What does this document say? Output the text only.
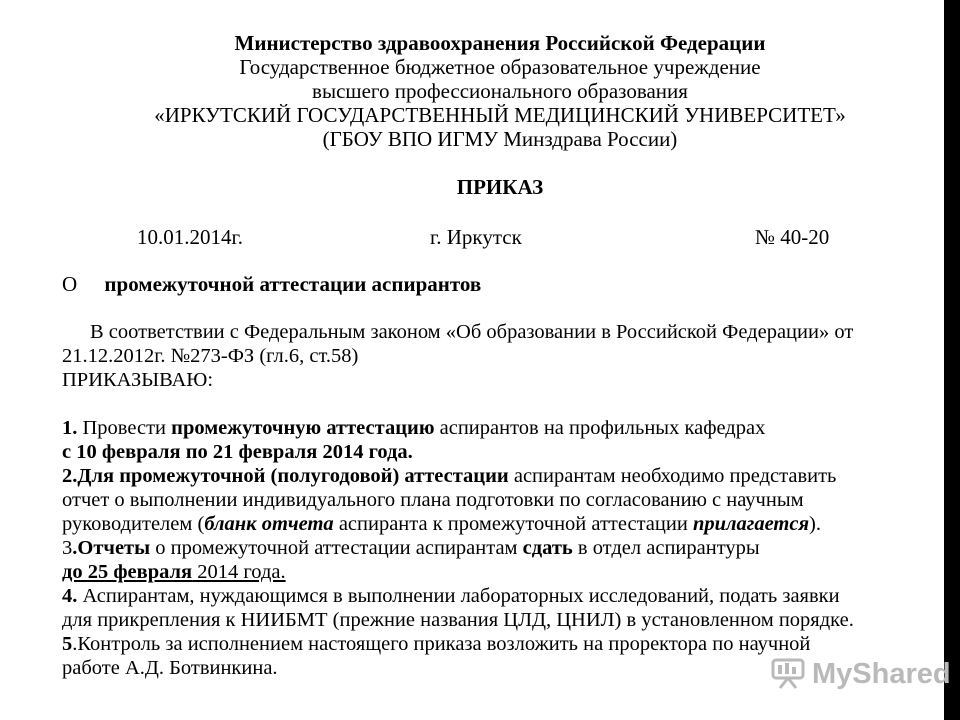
Министерство здравоохранения Российской Федерации
Государственное бюджетное образовательное учреждение
высшего профессионального образования
«ИРКУТСКИЙ ГОСУДАРСТВЕННЫЙ МЕДИЦИНСКИЙ УНИВЕРСИТЕТ»
(ГБОУ ВПО ИГМУ Минздрава России)
ПРИКАЗ
10.01.2014г.	г. Иркутск	№ 40-20
О промежуточной аттестации аспирантов
В соответствии с Федеральным законом «Об образовании в Российской Федерации» от
21.12.2012г. №273-ФЗ (гл.6, ст.58)
ПРИКАЗЫВАЮ:
1. Провести промежуточную аттестацию аспирантов на профильных кафедрах
с 10 февраля по 21 февраля 2014 года.
2.Для промежуточной (полугодовой) аттестации аспирантам необходимо представить
отчет о выполнении индивидуального плана подготовки по согласованию с научным
руководителем (бланк отчета аспиранта к промежуточной аттестации прилагается).
3.Отчеты о промежуточной аттестации аспирантам сдать в отдел аспирантуры
до 25 февраля 2014 года.
4. Аспирантам, нуждающимся в выполнении лабораторных исследований, подать заявки
для прикрепления к НИИБМТ (прежние названия ЦЛД, ЦНИЛ) в установленном порядке.
5.Контроль за исполнением настоящего приказа возложить на проректора по научной
работе А.Д. Ботвинкина.	MyShared
